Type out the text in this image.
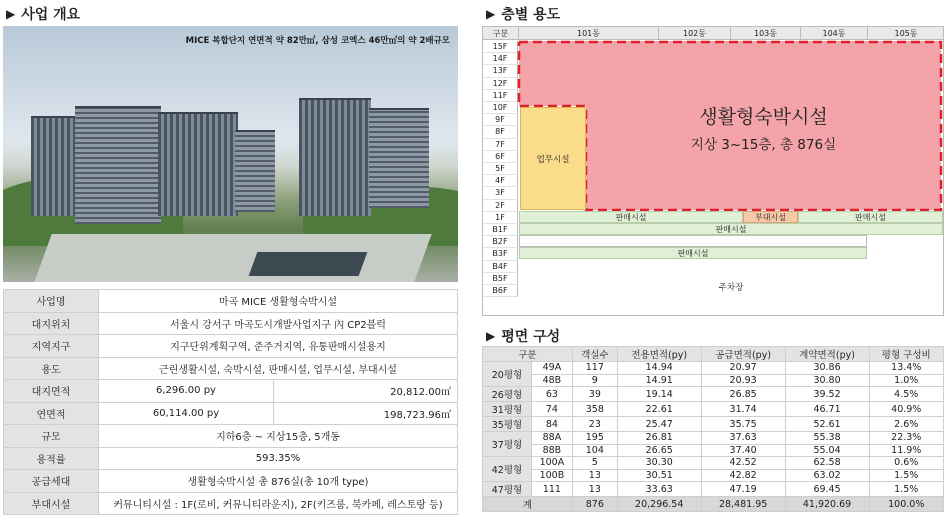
▶ 사업 개요
MICE 복합단지 연면적 약 82만㎡, 삼성 코엑스 46만㎡의 약 2배규모
사업명	마곡 MICE 생활형숙박시설	
대지위치	서울시 강서구 마곡도시개발사업지구 內 CP2블럭	
지역지구	지구단위계획구역, 준주거지역, 유통판매시설용지	
용도	근린생활시설, 숙박시설, 판매시설, 업무시설, 부대시설	
대지면적	6,296.00 py	20,812.00㎡
연면적	60,114.00 py	198,723.96㎡
규모	지하6층 ~ 지상15층, 5개동	
용적률	593.35%	
공급세대	생활형숙박시설 총 876실(총 10개 type)	
부대시설	커뮤니티시설 : 1F(로비, 커뮤니티라운지), 2F(키즈룸, 북카페, 레스토랑 등)	
▶ 층별 용도
구분	101동	102동	103동	104동	105동
15F
14F
13F
12F
11F
10F
9F
8F
7F
6F
5F
4F
3F
2F
1F
B1F
B2F
B3F
B4F
B5F
B6F
생활형숙박시설
지상 3~15층, 총 876실
업무시설
판매시설	부대시설	판매시설
판매시설
판매시설
주차장
▶ 평면 구성
구분		객실수	전용면적(py)	공급면적(py)	계약면적(py)	평형 구성비
20평형	49A	117	14.94	20.97	30.86	13.4%
	48B	9	14.91	20.93	30.80	1.0%
26평형	63	39	19.14	26.85	39.52	4.5%
31평형	74	358	22.61	31.74	46.71	40.9%
35평형	84	23	25.47	35.75	52.61	2.6%
37평형	88A	195	26.81	37.63	55.38	22.3%
	88B	104	26.65	37.40	55.04	11.9%
42평형	100A	5	30.30	42.52	62.58	0.6%
	100B	13	30.51	42.82	63.02	1.5%
47평형	111	13	33.63	47.19	69.45	1.5%
계		876	20,296.54	28,481.95	41,920.69	100.0%
